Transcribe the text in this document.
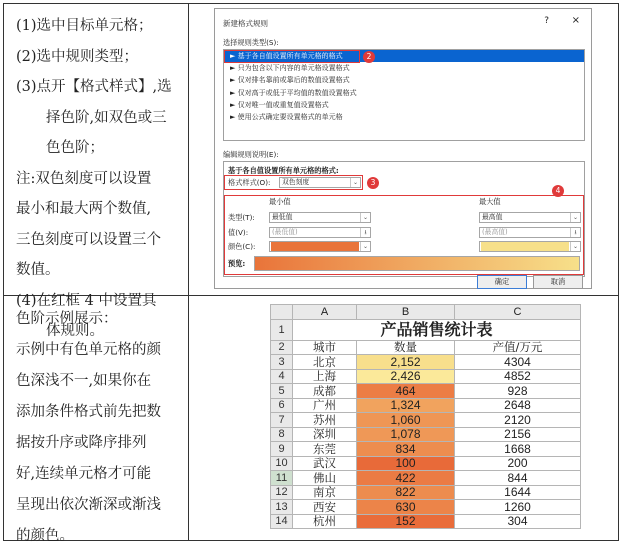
(1)选中目标单元格；
(2)选中规则类型；
(3)点开【格式样式】,选
择色阶,如双色或三
色色阶；
注:双色刻度可以设置
最小和最大两个数值,
三色刻度可以设置三个
数值。
(4)在红框 4 中设置具
体规则。
色阶示例展示：
示例中有色单元格的颜
色深浅不一,如果你在
添加条件格式前先把数
据按升序或降序排列
好,连续单元格才可能
呈现出依次渐深或渐浅
的颜色。
新建格式规则	? ×
选择规则类型(S):
► 基于各自值设置所有单元格的格式
► 只为包含以下内容的单元格设置格式
► 仅对排名靠前或靠后的数值设置格式
► 仅对高于或低于平均值的数值设置格式
► 仅对唯一值或重复值设置格式
► 使用公式确定要设置格式的单元格
2
编辑规则说明(E):
基于各自值设置所有单元格的格式:
格式样式(O):	双色刻度	⌄	3
4
最小值	最大值
类型(T):	最低值	⌄	最高值	⌄
值(V):	(最低值)	⭳	(最高值)	⭳
颜色(C):	⌄	⌄
预览:
确定	取消
	A	B	C
1	产品销售统计表		
2	城市	数量	产值/万元
3	北京	2,152	4304
4	上海	2,426	4852
5	成都	464	928
6	广州	1,324	2648
7	苏州	1,060	2120
8	深圳	1,078	2156
9	东莞	834	1668
10	武汉	100	200
11	佛山	422	844
12	南京	822	1644
13	西安	630	1260
14	杭州	152	304
